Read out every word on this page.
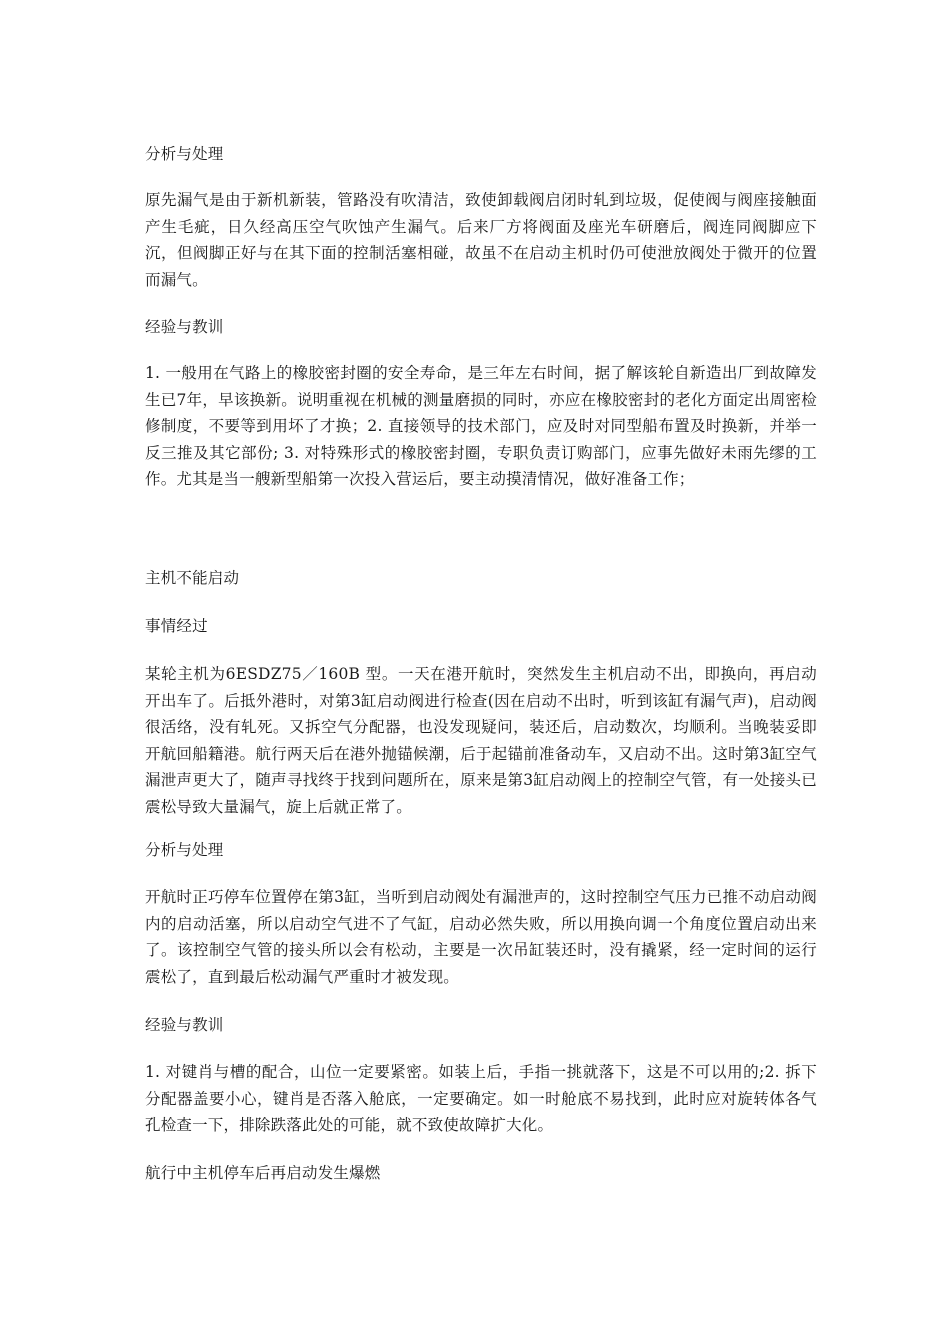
分析与处理
原先漏气是由于新机新装，管路没有吹清洁，致使卸载阀启闭时轧到垃圾，促使阀与阀座接触面产生毛疵，日久经高压空气吹蚀产生漏气。后来厂方将阀面及座光车研磨后，阀连同阀脚应下沉，但阀脚正好与在其下面的控制活塞相碰，故虽不在启动主机时仍可使泄放阀处于微开的位置而漏气。
经验与教训
1. 一般用在气路上的橡胶密封圈的安全寿命，是三年左右时间，据了解该轮自新造出厂到故障发生已7年，早该换新。说明重视在机械的测量磨损的同时，亦应在橡胶密封的老化方面定出周密检修制度，不要等到用坏了才换；2. 直接领导的技术部门，应及时对同型船布置及时换新，并举一反三推及其它部份; 3. 对特殊形式的橡胶密封圈，专职负责订购部门，应事先做好未雨先缪的工作。尤其是当一艘新型船第一次投入营运后，要主动摸清情况，做好准备工作；
主机不能启动
事情经过
某轮主机为6ESDZ75／160B 型。一天在港开航时，突然发生主机启动不出，即换向，再启动开出车了。后抵外港时，对第3缸启动阀进行检查(因在启动不出时，听到该缸有漏气声)，启动阀很活络，没有轧死。又拆空气分配器，也没发现疑问，装还后，启动数次，均顺利。当晚装妥即开航回船籍港。航行两天后在港外抛锚候潮，后于起锚前准备动车，又启动不出。这时第3缸空气漏泄声更大了，随声寻找终于找到问题所在，原来是第3缸启动阀上的控制空气管，有一处接头已震松导致大量漏气，旋上后就正常了。
分析与处理
开航时正巧停车位置停在第3缸，当听到启动阀处有漏泄声的，这时控制空气压力已推不动启动阀内的启动活塞，所以启动空气进不了气缸，启动必然失败，所以用换向调一个角度位置启动出来了。该控制空气管的接头所以会有松动，主要是一次吊缸装还时，没有撬紧，经一定时间的运行震松了，直到最后松动漏气严重时才被发现。
经验与教训
1. 对键肖与槽的配合，山位一定要紧密。如装上后，手指一挑就落下，这是不可以用的;2. 拆下分配器盖要小心，键肖是否落入舱底，一定要确定。如一时舱底不易找到，此时应对旋转体各气孔检查一下，排除跌落此处的可能，就不致使故障扩大化。
航行中主机停车后再启动发生爆燃
